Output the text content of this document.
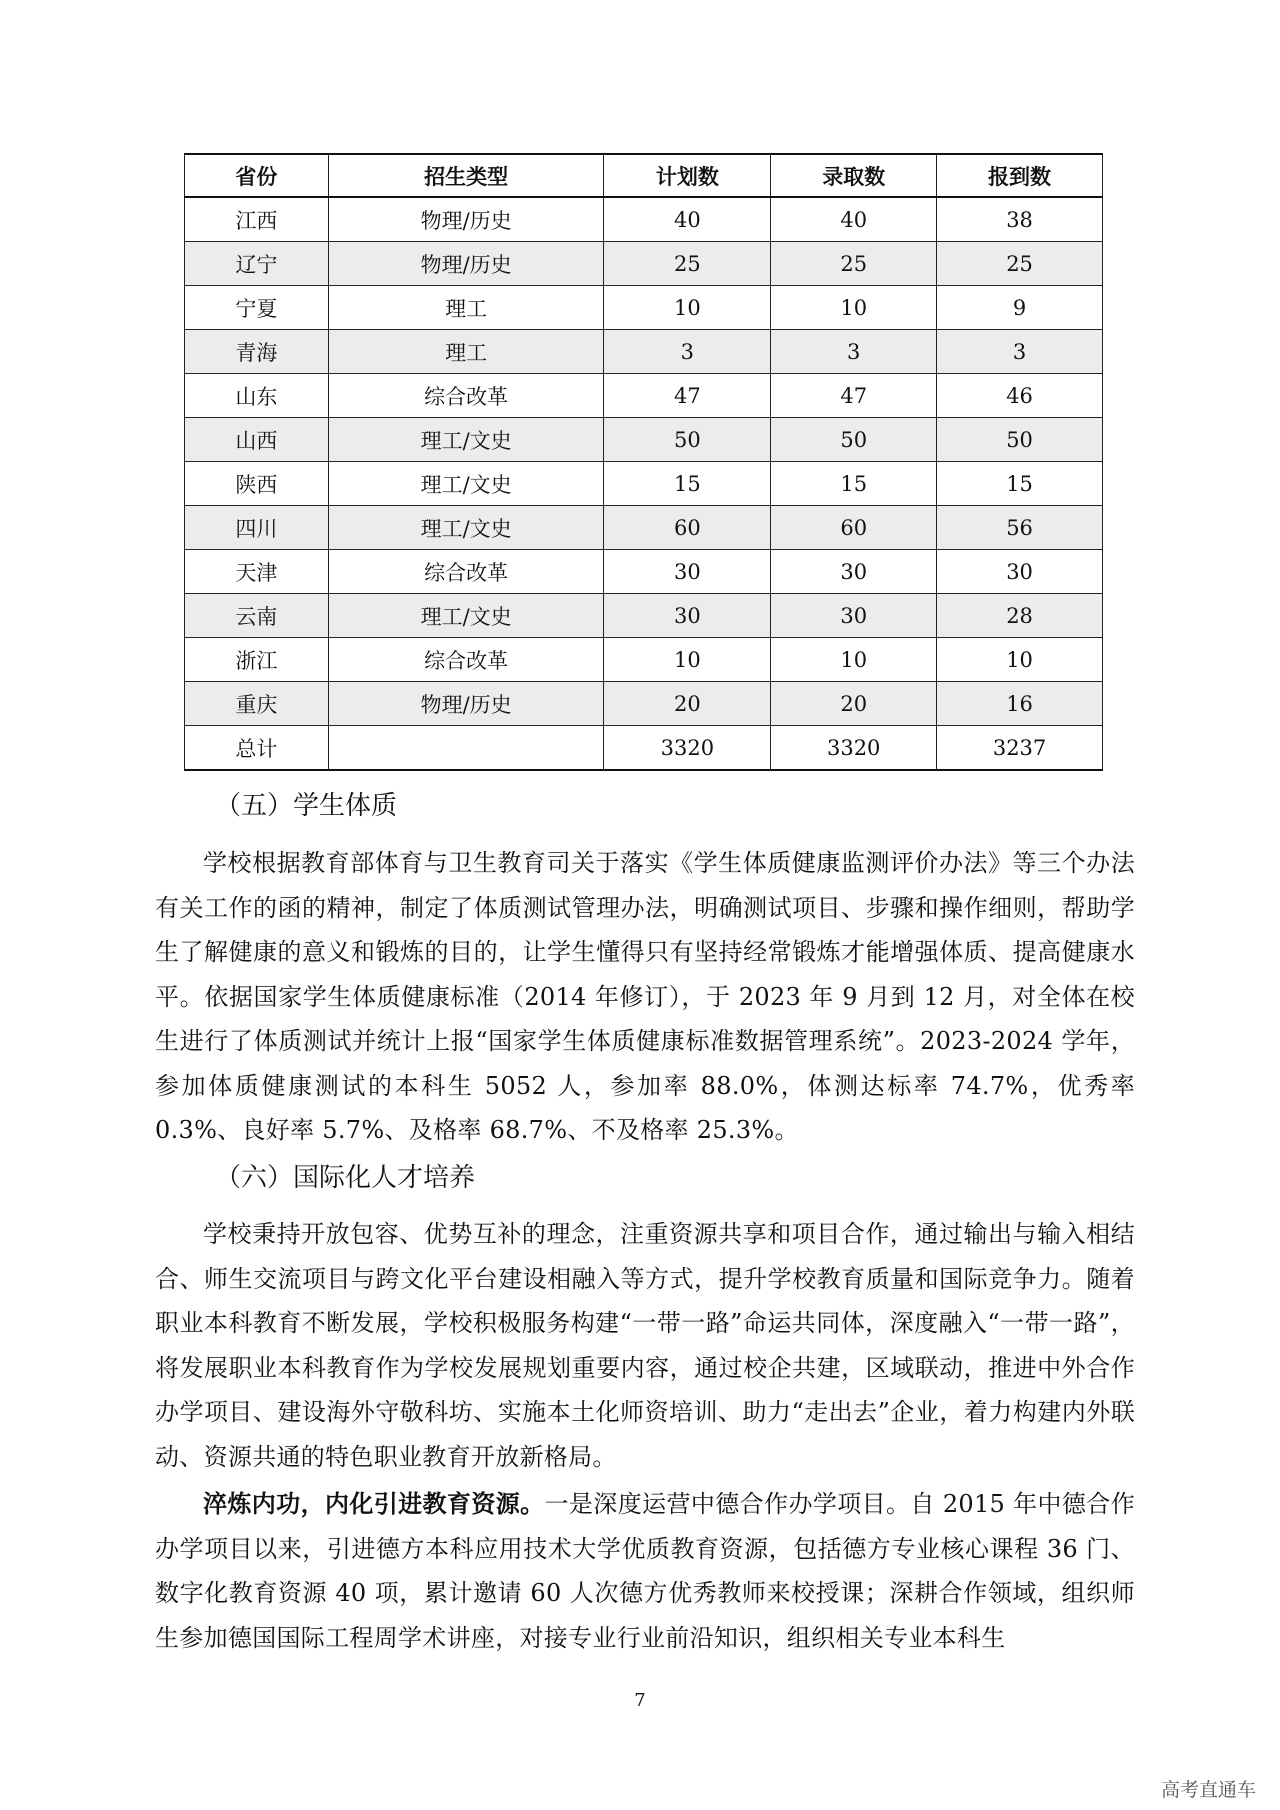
省份	招生类型	计划数	录取数	报到数
江西	物理/历史	40	40	38
辽宁	物理/历史	25	25	25
宁夏	理工	10	10	9
青海	理工	3	3	3
山东	综合改革	47	47	46
山西	理工/文史	50	50	50
陕西	理工/文史	15	15	15
四川	理工/文史	60	60	56
天津	综合改革	30	30	30
云南	理工/文史	30	30	28
浙江	综合改革	10	10	10
重庆	物理/历史	20	20	16
总计		3320	3320	3237
（五）学生体质

学校根据教育部体育与卫生教育司关于落实《学生体质健康监测评价办法》等三个办法有关工作的函的精神，制定了体质测试管理办法，明确测试项目、步骤和操作细则，帮助学生了解健康的意义和锻炼的目的，让学生懂得只有坚持经常锻炼才能增强体质、提高健康水平。依据国家学生体质健康标准（2014 年修订），于 2023 年 9 月到 12 月，对全体在校生进行了体质测试并统计上报“国家学生体质健康标准数据管理系统”。2023-2024 学年，参加体质健康测试的本科生 5052 人，参加率 88.0%，体测达标率 74.7%，优秀率 0.3%、良好率 5.7%、及格率 68.7%、不及格率 25.3%。

（六）国际化人才培养

学校秉持开放包容、优势互补的理念，注重资源共享和项目合作，通过输出与输入相结合、师生交流项目与跨文化平台建设相融入等方式，提升学校教育质量和国际竞争力。随着职业本科教育不断发展，学校积极服务构建“一带一路”命运共同体，深度融入“一带一路”，将发展职业本科教育作为学校发展规划重要内容，通过校企共建，区域联动，推进中外合作办学项目、建设海外守敬科坊、实施本土化师资培训、助力“走出去”企业，着力构建内外联动、资源共通的特色职业教育开放新格局。

淬炼内功，内化引进教育资源。一是深度运营中德合作办学项目。自 2015 年中德合作办学项目以来，引进德方本科应用技术大学优质教育资源，包括德方专业核心课程 36 门、数字化教育资源 40 项，累计邀请 60 人次德方优秀教师来校授课；深耕合作领域，组织师生参加德国国际工程周学术讲座，对接专业行业前沿知识，组织相关专业本科生

7
高考直通车
